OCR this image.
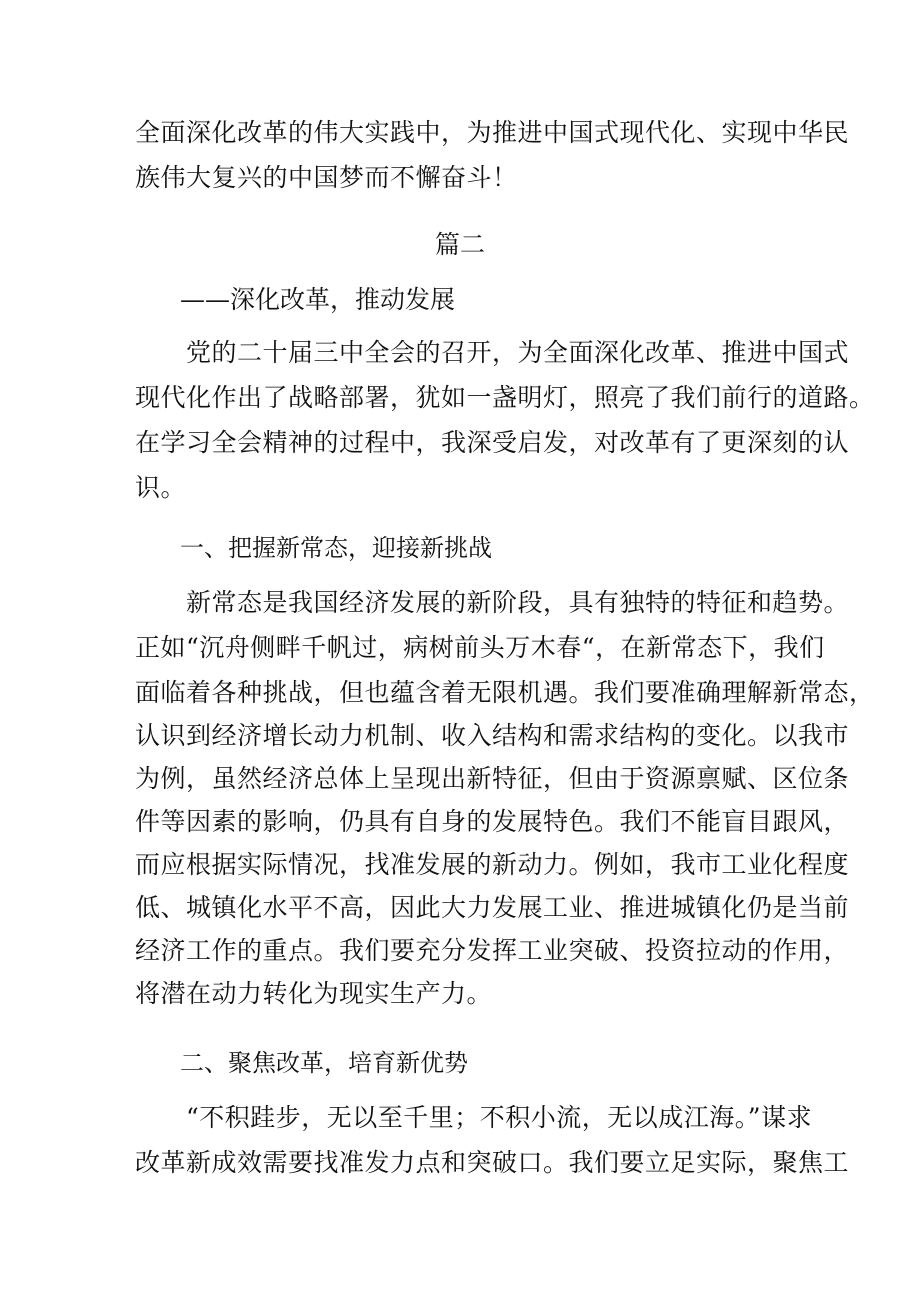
全面深化改革的伟大实践中，为推进中国式现代化、实现中华民
族伟大复兴的中国梦而不懈奋斗！
篇二
——深化改革，推动发展
　　党的二十届三中全会的召开，为全面深化改革、推进中国式
现代化作出了战略部署，犹如一盏明灯，照亮了我们前行的道路。
在学习全会精神的过程中，我深受启发，对改革有了更深刻的认
识。
一、把握新常态，迎接新挑战
　　新常态是我国经济发展的新阶段，具有独特的特征和趋势。
正如“沉舟侧畔千帆过，病树前头万木春“，在新常态下，我们
面临着各种挑战，但也蕴含着无限机遇。我们要准确理解新常态，
认识到经济增长动力机制、收入结构和需求结构的变化。以我市
为例，虽然经济总体上呈现出新特征，但由于资源禀赋、区位条
件等因素的影响，仍具有自身的发展特色。我们不能盲目跟风，
而应根据实际情况，找准发展的新动力。例如，我市工业化程度
低、城镇化水平不高，因此大力发展工业、推进城镇化仍是当前
经济工作的重点。我们要充分发挥工业突破、投资拉动的作用，
将潜在动力转化为现实生产力。
二、聚焦改革，培育新优势
　　“不积跬步，无以至千里；不积小流，无以成江海。”谋求
改革新成效需要找准发力点和突破口。我们要立足实际，聚焦工
